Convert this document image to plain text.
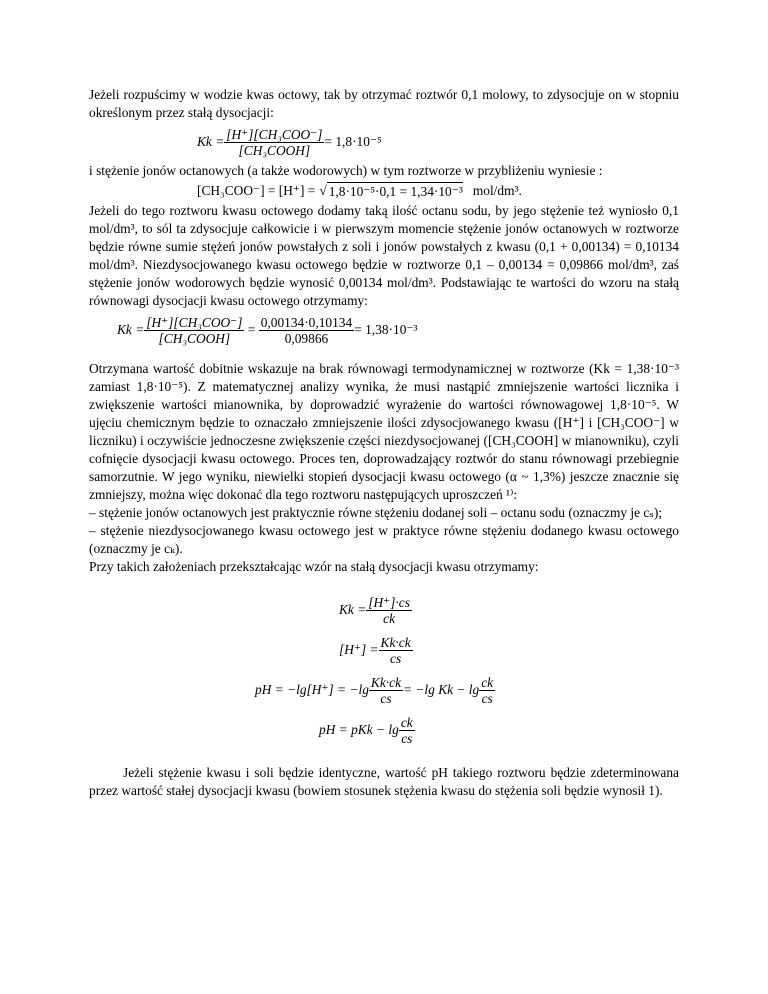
Jeżeli rozpuścimy w wodzie kwas octowy, tak by otrzymać roztwór 0,1 molowy, to zdysocjuje on w stopniu określonym przez stałą dysocjacji:

$Kk = \frac{\text{[H⁺][CH₃COO⁻]}}{\text{[CH₃COOH]}} = 1,8\cdot 10^{-5}$

i stężenie jonów octanowych (a także wodorowych) w tym roztworze w przybliżeniu wyniesie :

[CH₃COO⁻] = [H⁺] = √ 1,8·10⁻⁵·0,1 = 1,34·10⁻³ mol/dm³.

Jeżeli do tego roztworu kwasu octowego dodamy taką ilość octanu sodu, by jego stężenie też wyniosło 0,1 mol/dm³, to sól ta zdysocjuje całkowicie i w pierwszym momencie stężenie jonów octanowych w roztworze będzie równe sumie stężeń jonów powstałych z soli i jonów powstałych z kwasu (0,1 + 0,00134) = 0,10134 mol/dm³. Niezdysocjowanego kwasu octowego będzie w roztworze 0,1 – 0,00134 = 0,09866 mol/dm³, zaś stężenie jonów wodorowych będzie wynosić 0,00134 mol/dm³. Podstawiając te wartości do wzoru na stałą równowagi dysocjacji kwasu octowego otrzymamy:

$Kk = \frac{\text{[H⁺][CH₃COO⁻]}}{\text{[CH₃COOH]}} = \frac{0,00134\cdot 0,10134}{0,09866} = 1,38\cdot 10^{-3}$

Otrzymana wartość dobitnie wskazuje na brak równowagi termodynamicznej w roztworze (Kk = 1,38·10⁻³ zamiast 1,8·10⁻⁵). Z matematycznej analizy wynika, że musi nastąpić zmniejszenie wartości licznika i zwiększenie wartości mianownika, by doprowadzić wyrażenie do wartości równowagowej 1,8·10⁻⁵. W ujęciu chemicznym będzie to oznaczało zmniejszenie ilości zdysocjowanego kwasu ([H⁺] i [CH₃COO⁻] w liczniku) i oczywiście jednoczesne zwiększenie części niezdysocjowanej ([CH₃COOH] w mianowniku), czyli cofnięcie dysocjacji kwasu octowego. Proces ten, doprowadzający roztwór do stanu równowagi przebiegnie samorzutnie. W jego wyniku, niewielki stopień dysocjacji kwasu octowego (α ~ 1,3%) jeszcze znacznie się zmniejszy, można więc dokonać dla tego roztworu następujących uproszczeń ¹⁾:

– stężenie jonów octanowych jest praktycznie równe stężeniu dodanej soli – octanu sodu (oznaczmy je cₛ);

– stężenie niezdysocjowanego kwasu octowego jest w praktyce równe stężeniu dodanego kwasu octowego (oznaczmy je cₖ).

Przy takich założeniach przekształcając wzór na stałą dysocjacji kwasu otrzymamy:

$Kk = \frac{[H^+]\cdot cs}{ck}$
$[H^+] = \frac{Kk\cdot ck}{cs}$
pH = $-\lg[H^+] = -\lg \frac{Kk\cdot ck}{cs} = -\lg$ $Kk - \lg \frac{ck}{cs}$
pH = pKk − $\lg \frac{ck}{cs}$

Jeżeli stężenie kwasu i soli będzie identyczne, wartość pH takiego roztworu będzie zdeterminowana przez wartość stałej dysocjacji kwasu (bowiem stosunek stężenia kwasu do stężenia soli będzie wynosił 1).
